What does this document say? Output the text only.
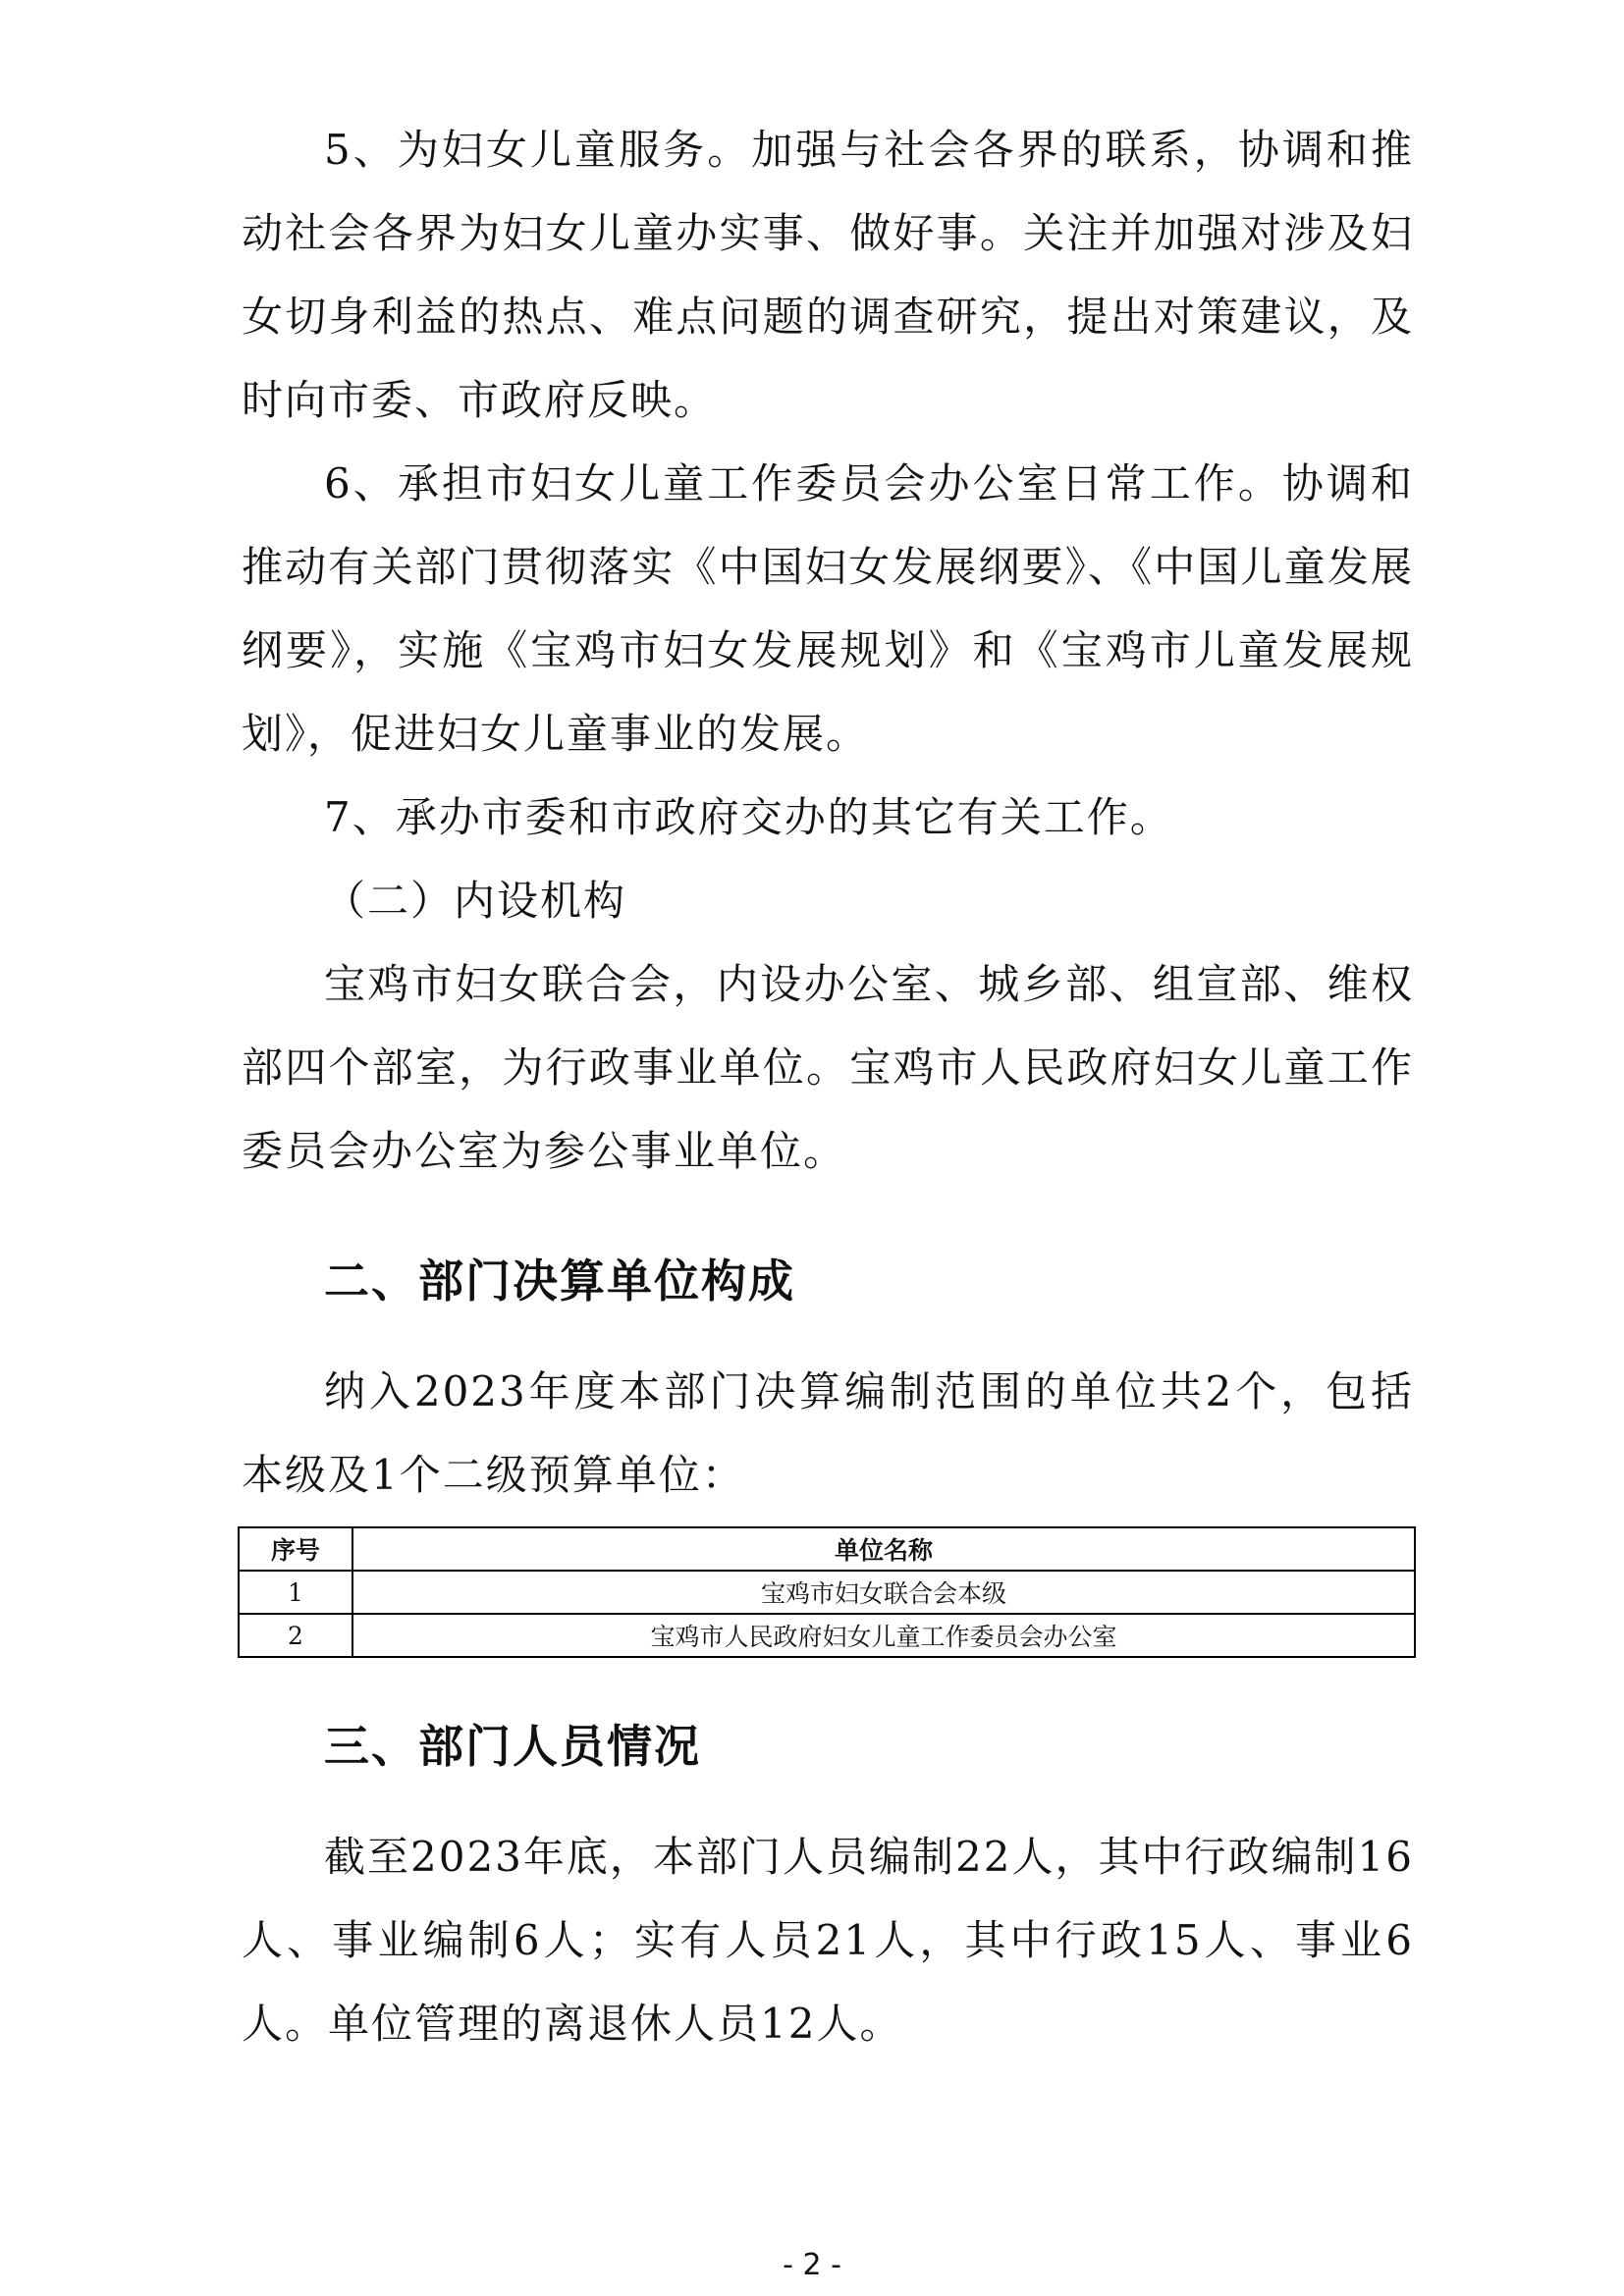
5、为妇女儿童服务。加强与社会各界的联系，协调和推动社会各界为妇女儿童办实事、做好事。关注并加强对涉及妇女切身利益的热点、难点问题的调查研究，提出对策建议，及时向市委、市政府反映。

6、承担市妇女儿童工作委员会办公室日常工作。协调和推动有关部门贯彻落实《中国妇女发展纲要》、《中国儿童发展纲要》，实施《宝鸡市妇女发展规划》和《宝鸡市儿童发展规划》，促进妇女儿童事业的发展。

7、承办市委和市政府交办的其它有关工作。

（二）内设机构

宝鸡市妇女联合会，内设办公室、城乡部、组宣部、维权部四个部室，为行政事业单位。宝鸡市人民政府妇女儿童工作委员会办公室为参公事业单位。

二、部门决算单位构成

纳入2023年度本部门决算编制范围的单位共2个，包括本级及1个二级预算单位：

序号	单位名称
1	宝鸡市妇女联合会本级
2	宝鸡市人民政府妇女儿童工作委员会办公室
三、部门人员情况

截至2023年底，本部门人员编制22人，其中行政编制16人、事业编制6人；实有人员21人，其中行政15人、事业6人。单位管理的离退休人员12人。

- 2 -
